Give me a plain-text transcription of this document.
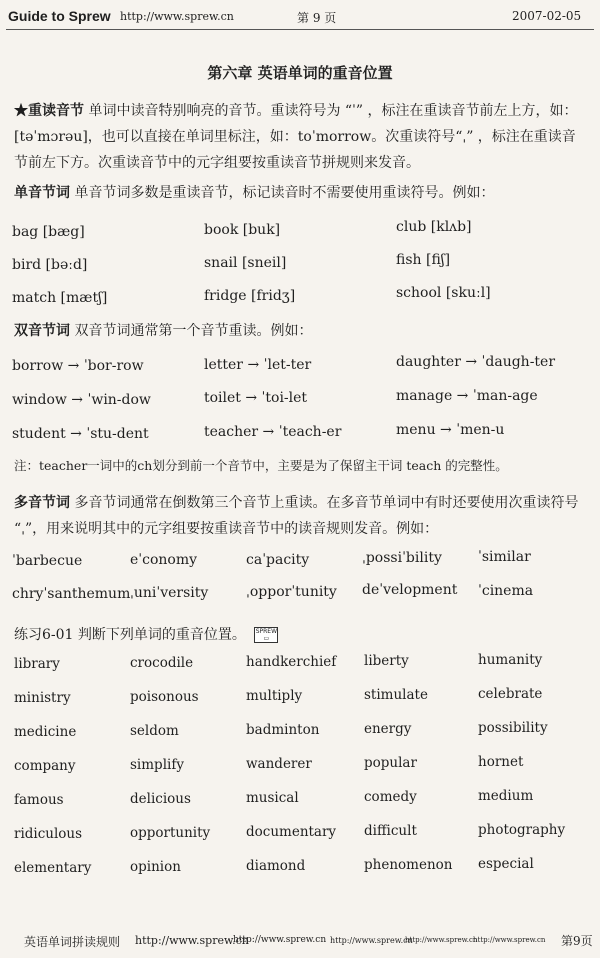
Guide to Sprew http://www.sprew.cn	第 9 页	2007-02-05
第六章 英语单词的重音位置
★重读音节 单词中读音特别响亮的音节。重读符号为 “ˈ” ，标注在重读音节前左上方，如：[təˈmɔrəu]，也可以直接在单词里标注，如：toˈmorrow。次重读符号“ˌ” ，标注在重读音节前左下方。次重读音节中的元字组要按重读音节拼规则来发音。
单音节词 单音节词多数是重读音节，标记读音时不需要使用重读符号。例如：
bag [bæg]	book [buk]	club [klʌb]
bird [bəːd]	snail [sneil]	fish [fiʃ]
match [mætʃ]	fridge [fridʒ]	school [skuːl]
双音节词 双音节词通常第一个音节重读。例如：
borrow → ˈbor-row	letter → ˈlet-ter	daughter → ˈdaugh-ter
window → ˈwin-dow	toilet → ˈtoi-let	manage → ˈman-age
student → ˈstu-dent	teacher → ˈteach-er	menu → ˈmen-u
注：teacher一词中的ch划分到前一个音节中，主要是为了保留主干词 teach 的完整性。
多音节词 多音节词通常在倒数第三个音节上重读。在多音节单词中有时还要使用次重读符号 “ˌ”，用来说明其中的元字组要按重读音节中的读音规则发音。例如：
ˈbarbecue	eˈconomy	caˈpacity	ˌpossiˈbility	ˈsimilar
chryˈsanthemum ˌuniˈversity	ˌopporˈtunity deˈvelopment ˈcinema
练习6-01 判断下列单词的重音位置。 SPREW
▭
library	crocodile	handkerchief liberty	humanity
ministry	poisonous	multiply	stimulate	celebrate
medicine	seldom	badminton	energy	possibility
company	simplify	wanderer	popular	hornet
famous	delicious	musical	comedy	medium
ridiculous	opportunity	documentary difficult	photography
elementary	opinion	diamond	phenomenon especial
英语单词拼读规则 http://www.sprew.cn
http://www.sprew.cn http://www.sprew.cn
http://www.sprew.cn
http://www.sprew.cn 第9页
